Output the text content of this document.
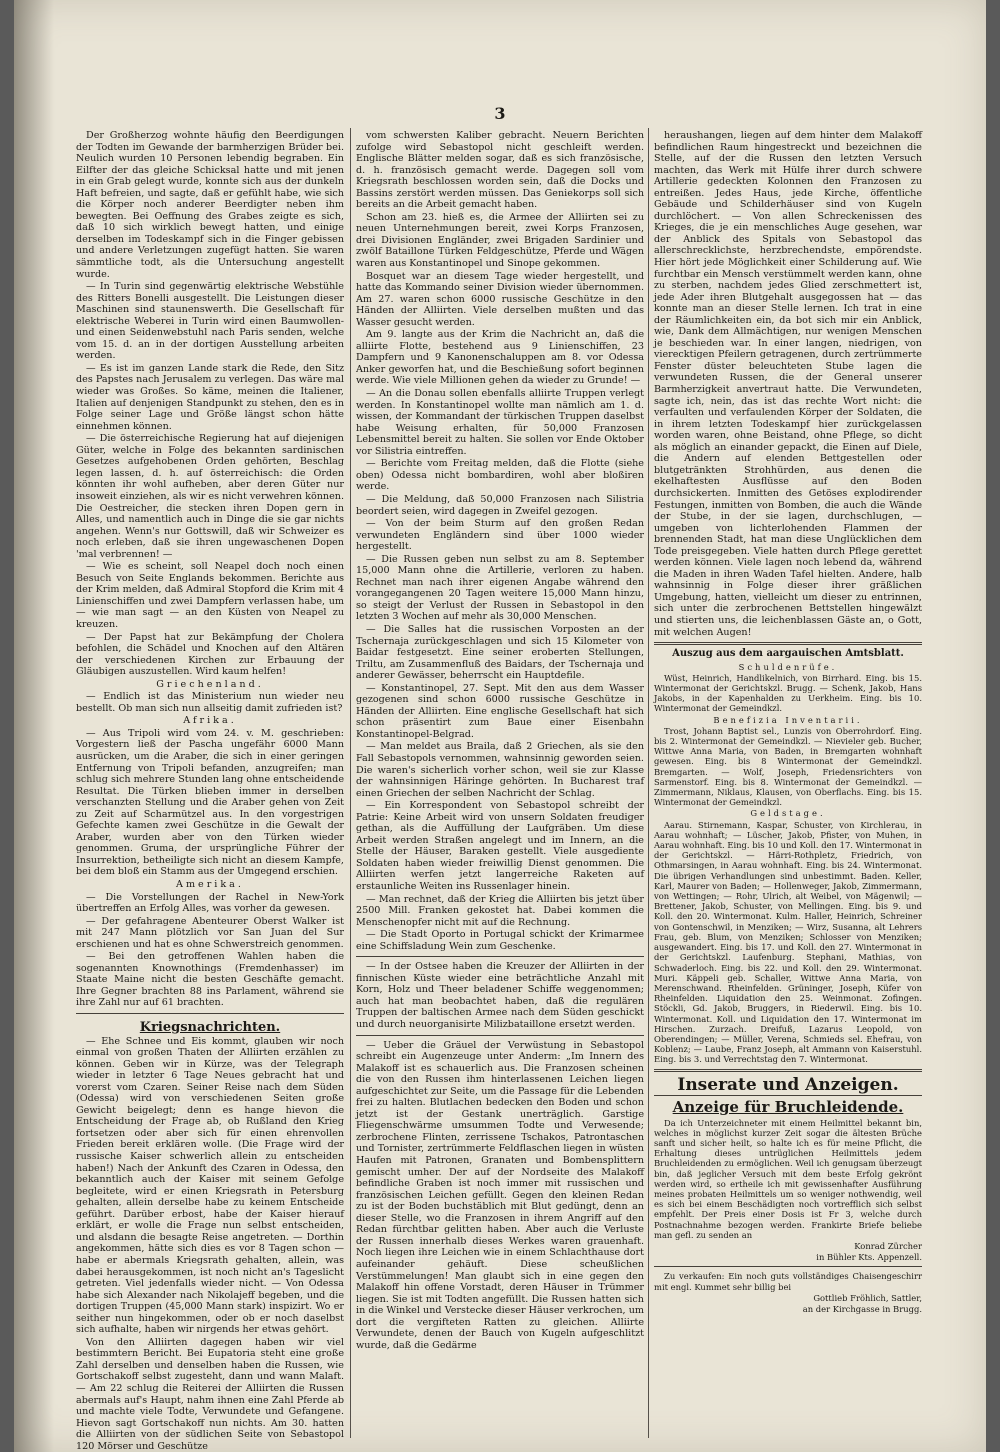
3

Der Großherzog wohnte häufig den Beerdigungen der Todten im Gewande der barmherzigen Brüder bei. Neulich wurden 10 Personen lebendig begraben. Ein Eilfter der das gleiche Schicksal hatte und mit jenen in ein Grab gelegt wurde, konnte sich aus der dunkeln Haft befreien, und sagte, daß er gefühlt habe, wie sich die Körper noch anderer Beerdigter neben ihm bewegten. Bei Oeffnung des Grabes zeigte es sich, daß 10 sich wirklich bewegt hatten, und einige derselben im Todeskampf sich in die Finger gebissen und andere Verletzungen zugefügt hatten. Sie waren sämmtliche todt, als die Untersuchung angestellt wurde.

— In Turin sind gegenwärtig elektrische Webstühle des Ritters Bonelli ausgestellt. Die Leistungen dieser Maschinen sind staunenswerth. Die Gesellschaft für elektrische Weberei in Turin wird einen Baumwollen- und einen Seidenwebstuhl nach Paris senden, welche vom 15. d. an in der dortigen Ausstellung arbeiten werden.

— Es ist im ganzen Lande stark die Rede, den Sitz des Papstes nach Jerusalem zu verlegen. Das wäre mal wieder was Großes. So käme, meinen die Italiener, Italien auf denjenigen Standpunkt zu stehen, den es in Folge seiner Lage und Größe längst schon hätte einnehmen können.

— Die österreichische Regierung hat auf diejenigen Güter, welche in Folge des bekannten sardinischen Gesetzes aufgehobenen Orden gehörten, Beschlag legen lassen, d. h. auf österreichisch: die Orden könnten ihr wohl aufheben, aber deren Güter nur insoweit einziehen, als wir es nicht verwehren können. Die Oestreicher, die stecken ihren Dopen gern in Alles, und namentlich auch in Dinge die sie gar nichts angehen. Wenn's nur Gottswill, daß wir Schweizer es noch erleben, daß sie ihren ungewaschenen Dopen 'mal verbrennen! —

— Wie es scheint, soll Neapel doch noch einen Besuch von Seite Englands bekommen. Berichte aus der Krim melden, daß Admiral Stopford die Krim mit 4 Linienschiffen und zwei Dampfern verlassen habe, um — wie man sagt — an den Küsten von Neapel zu kreuzen.

— Der Papst hat zur Bekämpfung der Cholera befohlen, die Schädel und Knochen auf den Altären der verschiedenen Kirchen zur Erbauung der Gläubigen auszustellen. Wird kaum helfen!

Griechenland.

— Endlich ist das Ministerium nun wieder neu bestellt. Ob man sich nun allseitig damit zufrieden ist?

Afrika.

— Aus Tripoli wird vom 24. v. M. geschrieben: Vorgestern ließ der Pascha ungefähr 6000 Mann ausrücken, um die Araber, die sich in einer geringen Entfernung von Tripoli befanden, anzugreifen; man schlug sich mehrere Stunden lang ohne entscheidende Resultat. Die Türken blieben immer in derselben verschanzten Stellung und die Araber gehen von Zeit zu Zeit auf Scharmützel aus. In den vorgestrigen Gefechte kamen zwei Geschütze in die Gewalt der Araber, wurden aber von den Türken wieder genommen. Gruma, der ursprüngliche Führer der Insurrektion, betheiligte sich nicht an diesem Kampfe, bei dem bloß ein Stamm aus der Umgegend erschien.

Amerika.

— Die Vorstellungen der Rachel in New-York übertreffen an Erfolg Alles, was vorher da gewesen.

— Der gefahragene Abenteurer Oberst Walker ist mit 247 Mann plötzlich vor San Juan del Sur erschienen und hat es ohne Schwerstreich genommen.

— Bei den getroffenen Wahlen haben die sogenannten Knownothings (Fremdenhasser) im Staate Maine nicht die besten Geschäfte gemacht. Ihre Gegner brachten 88 ins Parlament, während sie ihre Zahl nur auf 61 brachten.

Kriegsnachrichten.

— Ehe Schnee und Eis kommt, glauben wir noch einmal von großen Thaten der Alliirten erzählen zu können. Geben wir in Kürze, was der Telegraph wieder in letzter 6 Tage Neues gebracht hat und vorerst vom Czaren. Seiner Reise nach dem Süden (Odessa) wird von verschiedenen Seiten große Gewicht beigelegt; denn es hange hievon die Entscheidung der Frage ab, ob Rußland den Krieg fortsetzen oder aber sich für einen ehrenvollen Frieden bereit erklären wolle. (Die Frage wird der russische Kaiser schwerlich allein zu entscheiden haben!) Nach der Ankunft des Czaren in Odessa, den bekanntlich auch der Kaiser mit seinem Gefolge begleitete, wird er einen Kriegsrath in Petersburg gehalten, allein derselbe habe zu keinem Entscheide geführt. Darüber erbost, habe der Kaiser hierauf erklärt, er wolle die Frage nun selbst entscheiden, und alsdann die besagte Reise angetreten. — Dorthin angekommen, hätte sich dies es vor 8 Tagen schon — habe er abermals Kriegsrath gehalten, allein, was dabei herausgekommen, ist noch nicht an's Tageslicht getreten. Viel jedenfalls wieder nicht. — Von Odessa habe sich Alexander nach Nikolajeff begeben, und die dortigen Truppen (45,000 Mann stark) inspizirt. Wo er seither nun hingekommen, oder ob er noch daselbst sich aufhalte, haben wir nirgends her etwas gehört.

Von den Alliirten dagegen haben wir viel bestimmtern Bericht. Bei Eupatoria steht eine große Zahl derselben und denselben haben die Russen, wie Gortschakoff selbst zugesteht, dann und wann Malaft. — Am 22 schlug die Reiterei der Alliirten die Russen abermals auf's Haupt, nahm ihnen eine Zahl Pferde ab und machte viele Todte, Verwundete und Gefangene. Hievon sagt Gortschakoff nun nichts. Am 30. hatten die Alliirten von der südlichen Seite von Sebastopol 120 Mörser und Geschütze

vom schwersten Kaliber gebracht. Neuern Berichten zufolge wird Sebastopol nicht geschleift werden. Englische Blätter melden sogar, daß es sich französische, d. h. französisch gemacht werde. Dagegen soll vom Kriegsrath beschlossen worden sein, daß die Docks und Bassins zerstört werden müssen. Das Geniekorps soll sich bereits an die Arbeit gemacht haben.

Schon am 23. hieß es, die Armee der Alliirten sei zu neuen Unternehmungen bereit, zwei Korps Franzosen, drei Divisionen Engländer, zwei Brigaden Sardinier und zwölf Bataillone Türken Feldgeschütze, Pferde und Wägen waren aus Konstantinopel und Sinope gekommen.

Bosquet war an diesem Tage wieder hergestellt, und hatte das Kommando seiner Division wieder übernommen. Am 27. waren schon 6000 russische Geschütze in den Händen der Alliirten. Viele derselben mußten und das Wasser gesucht werden.

Am 9. langte aus der Krim die Nachricht an, daß die alliirte Flotte, bestehend aus 9 Linienschiffen, 23 Dampfern und 9 Kanonenschaluppen am 8. vor Odessa Anker geworfen hat, und die Beschießung sofort beginnen werde. Wie viele Millionen gehen da wieder zu Grunde! —

— An die Donau sollen ebenfalls alliirte Truppen verlegt werden. In Konstantinopel wollte man nämlich am 1. d. wissen, der Kommandant der türkischen Truppen daselbst habe Weisung erhalten, für 50,000 Franzosen Lebensmittel bereit zu halten. Sie sollen vor Ende Oktober vor Silistria eintreffen.

— Berichte vom Freitag melden, daß die Flotte (siehe oben) Odessa nicht bombardiren, wohl aber bloßiren werde.

— Die Meldung, daß 50,000 Franzosen nach Silistria beordert seien, wird dagegen in Zweifel gezogen.

— Von der beim Sturm auf den großen Redan verwundeten Engländern sind über 1000 wieder hergestellt.

— Die Russen geben nun selbst zu am 8. September 15,000 Mann ohne die Artillerie, verloren zu haben. Rechnet man nach ihrer eigenen Angabe während den vorangegangenen 20 Tagen weitere 15,000 Mann hinzu, so steigt der Verlust der Russen in Sebastopol in den letzten 3 Wochen auf mehr als 30,000 Menschen.

— Die Salles hat die russischen Vorposten an der Tschernaja zurückgeschlagen und sich 15 Kilometer von Baidar festgesetzt. Eine seiner eroberten Stellungen, Triltu, am Zusammenfluß des Baidars, der Tschernaja und anderer Gewässer, beherrscht ein Hauptdefile.

— Konstantinopel, 27. Sept. Mit den aus dem Wasser gezogenen sind schon 6000 russische Geschütze in Händen der Alliirten. Eine englische Gesellschaft hat sich schon präsentirt zum Baue einer Eisenbahn Konstantinopel-Belgrad.

— Man meldet aus Braila, daß 2 Griechen, als sie den Fall Sebastopols vernommen, wahnsinnig geworden seien. Die waren's sicherlich vorher schon, weil sie zur Klasse der wahnsinnigen Häringe gehörten. In Bucharest traf einen Griechen der selben Nachricht der Schlag.

— Ein Korrespondent von Sebastopol schreibt der Patrie: Keine Arbeit wird von unsern Soldaten freudiger gethan, als die Auffüllung der Laufgräben. Um diese Arbeit werden Straßen angelegt und im Innern, an die Stelle der Häuser, Baraken gestellt. Viele ausgediente Soldaten haben wieder freiwillig Dienst genommen. Die Alliirten werfen jetzt langerreiche Raketen auf erstaunliche Weiten ins Russenlager hinein.

— Man rechnet, daß der Krieg die Alliirten bis jetzt über 2500 Mill. Franken gekostet hat. Dabei kommen die Menschenopfer nicht mit auf die Rechnung.

— Die Stadt Oporto in Portugal schickt der Krimarmee eine Schiffsladung Wein zum Geschenke.

— In der Ostsee haben die Kreuzer der Alliirten in der finnischen Küste wieder eine beträchtliche Anzahl mit Korn, Holz und Theer beladener Schiffe weggenommen; auch hat man beobachtet haben, daß die regulären Truppen der baltischen Armee nach dem Süden geschickt und durch neuorganisirte Milizbataillone ersetzt werden.

— Ueber die Gräuel der Verwüstung in Sebastopol schreibt ein Augenzeuge unter Anderm: „Im Innern des Malakoff ist es schauerlich aus. Die Franzosen scheinen die von den Russen ihm hinterlassenen Leichen liegen aufgeschichtet zur Seite, um die Passage für die Lebenden frei zu halten. Blutlachen bedecken den Boden und schon jetzt ist der Gestank unerträglich. Garstige Fliegenschwärme umsummen Todte und Verwesende; zerbrochene Flinten, zerrissene Tschakos, Patrontaschen und Tornister, zertrümmerte Feldflaschen liegen in wüsten Haufen mit Patronen, Granaten und Bombensplittern gemischt umher. Der auf der Nordseite des Malakoff befindliche Graben ist noch immer mit russischen und französischen Leichen gefüllt. Gegen den kleinen Redan zu ist der Boden buchstäblich mit Blut gedüngt, denn an dieser Stelle, wo die Franzosen in ihrem Angriff auf den Redan fürchtbar gelitten haben. Aber auch die Verluste der Russen innerhalb dieses Werkes waren grauenhaft. Noch liegen ihre Leichen wie in einem Schlachthause dort aufeinander gehäuft. Diese scheußlichen Verstümmelungen! Man glaubt sich in eine gegen den Malakoff hin offene Vorstadt, deren Häuser in Trümmer liegen. Sie ist mit Todten angefüllt. Die Russen hatten sich in die Winkel und Verstecke dieser Häuser verkrochen, um dort die vergifteten Ratten zu gleichen. Alliirte Verwundete, denen der Bauch von Kugeln aufgeschlitzt wurde, daß die Gedärme

heraushangen, liegen auf dem hinter dem Malakoff befindlichen Raum hingestreckt und bezeichnen die Stelle, auf der die Russen den letzten Versuch machten, das Werk mit Hülfe ihrer durch schwere Artillerie gedeckten Kolonnen den Franzosen zu entreißen. Jedes Haus, jede Kirche, öffentliche Gebäude und Schilderhäuser sind von Kugeln durchlöchert. — Von allen Schreckenissen des Krieges, die je ein menschliches Auge gesehen, war der Anblick des Spitals von Sebastopol das allerschrecklichste, herzbrechendste, empörendste. Hier hört jede Möglichkeit einer Schilderung auf. Wie furchtbar ein Mensch verstümmelt werden kann, ohne zu sterben, nachdem jedes Glied zerschmettert ist, jede Ader ihren Blutgehalt ausgegossen hat — das konnte man an dieser Stelle lernen. Ich trat in eine der Räumlichkeiten ein, da bot sich mir ein Anblick, wie, Dank dem Allmächtigen, nur wenigen Menschen je beschieden war. In einer langen, niedrigen, von vierecktigen Pfeilern getragenen, durch zertrümmerte Fenster düster beleuchteten Stube lagen die verwundeten Russen, die der General unserer Barmherzigkeit anvertraut hatte. Die Verwundeten, sagte ich, nein, das ist das rechte Wort nicht: die verfaulten und verfaulenden Körper der Soldaten, die in ihrem letzten Todeskampf hier zurückgelassen worden waren, ohne Beistand, ohne Pflege, so dicht als möglich an einander gepackt, die Einen auf Diele, die Andern auf elenden Bettgestellen oder blutgetränkten Strohhürden, aus denen die ekelhaftesten Ausflüsse auf den Boden durchsickerten. Inmitten des Getöses explodirender Festungen, inmitten von Bomben, die auch die Wände der Stube, in der sie lagen, durchschlugen, — umgeben von lichterlohenden Flammen der brennenden Stadt, hat man diese Unglücklichen dem Tode preisgegeben. Viele hatten durch Pflege gerettet werden können. Viele lagen noch lebend da, während die Maden in ihren Waden Tafel hielten. Andere, halb wahnsinnig in Folge dieser ihrer gräßlichen Umgebung, hatten, vielleicht um dieser zu entrinnen, sich unter die zerbrochenen Bettstellen hingewälzt und stierten uns, die leichenblassen Gäste an, o Gott, mit welchen Augen!

Auszug aus dem aargauischen Amtsblatt.

Schuldenrüfe.

Wüst, Heinrich, Handlikelnich, von Birrhard. Eing. bis 15. Wintermonat der Gerichtskzl. Brugg. — Schenk, Jakob, Hans Jakobs, in der Kapenhalden zu Uerkheim. Eing. bis 10. Wintermonat der Gemeindkzl.

Benefizia Inventarii.

Trost, Johann Baptist sel., Lunzis von Oberrohrdorf. Eing. bis 2. Wintermonat der Gemeindkzl. — Nievieler geb. Bucher, Wittwe Anna Maria, von Baden, in Bremgarten wohnhaft gewesen. Eing. bis 8 Wintermonat der Gemeindkzl. Bremgarten. — Wolf, Joseph, Friedensrichters von Sarmenstorf. Eing. bis 8. Wintermonat der Gemeindkzl. — Zimmermann, Niklaus, Klausen, von Oberflachs. Eing. bis 15. Wintermonat der Gemeindkzl.

Geldstage.

Aarau. Stirnemann, Kaspar, Schuster, von Kirchlerau, in Aarau wohnhaft; — Lüscher, Jakob, Pfister, von Muhen, in Aarau wohnhaft. Eing. bis 10 und Koll. den 17. Wintermonat in der Gerichtskzl. — Härri-Rothpletz, Friedrich, von Othmarsingen, in Aarau wohnhaft. Eing. bis 24. Wintermonat. Die übrigen Verhandlungen sind unbestimmt. Baden. Keller, Karl, Maurer von Baden; — Hollenweger, Jakob, Zimmermann, von Wettingen; — Rohr, Ulrich, alt Weibel, von Mägenwil; — Brettener, Jakob, Schuster, von Mellingen. Eing. bis 9. und Koll. den 20. Wintermonat. Kulm. Haller, Heinrich, Schreiner von Gontenschwil, in Menziken; — Wirz, Susanna, alt Lehrers Frau, geb. Blum, von Menziken; Schlosser von Menziken; ausgewandert. Eing. bis 17. und Koll. den 27. Wintermonat in der Gerichtskzl. Laufenburg. Stephani, Mathias, von Schwaderloch. Eing. bis 22. und Koll. den 29. Wintermonat. Muri. Käppeli geb. Schaller, Wittwe Anna Maria, von Merenschwand. Rheinfelden. Grüninger, Joseph, Küfer von Rheinfelden. Liquidation den 25. Weinmonat. Zofingen. Stöckli, Gd. Jakob, Bruggers, in Riederwil. Eing. bis 10. Wintermonat. Koll. und Liquidation den 17. Wintermonat im Hirschen. Zurzach. Dreifuß, Lazarus Leopold, von Oberendingen; — Müller, Verena, Schmieds sel. Ehefrau, von Koblenz; — Laube, Franz Joseph, alt Ammann von Kaiserstuhl. Eing. bis 3. und Verrechtstag den 7. Wintermonat.

Inserate und Anzeigen.
Anzeige für Bruchleidende.

Da ich Unterzeichneter mit einem Heilmittel bekannt bin, welches in möglichst kurzer Zeit sogar die ältesten Brüche sanft und sicher heilt, so halte ich es für meine Pflicht, die Erhaltung dieses untrüglichen Heilmittels jedem Bruchleidenden zu ermöglichen. Weil ich genugsam überzeugt bin, daß jeglicher Versuch mit dem beste Erfolg gekrönt werden wird, so ertheile ich mit gewissenhafter Ausführung meines probaten Heilmittels um so weniger nothwendig, weil es sich bei einem Beschädigten noch vortrefflich sich selbst empfehlt. Der Preis einer Dosis ist Fr 3, welche durch Postnachnahme bezogen werden. Frankirte Briefe beliebe man gefl. zu senden an

Konrad Zürcher

in Bühler Kts. Appenzell.

Zu verkaufen: Ein noch guts vollständiges Chaisengeschirr mit engl. Kummet sehr billig bei

Gottlieb Fröhlich, Sattler,

an der Kirchgasse in Brugg.
